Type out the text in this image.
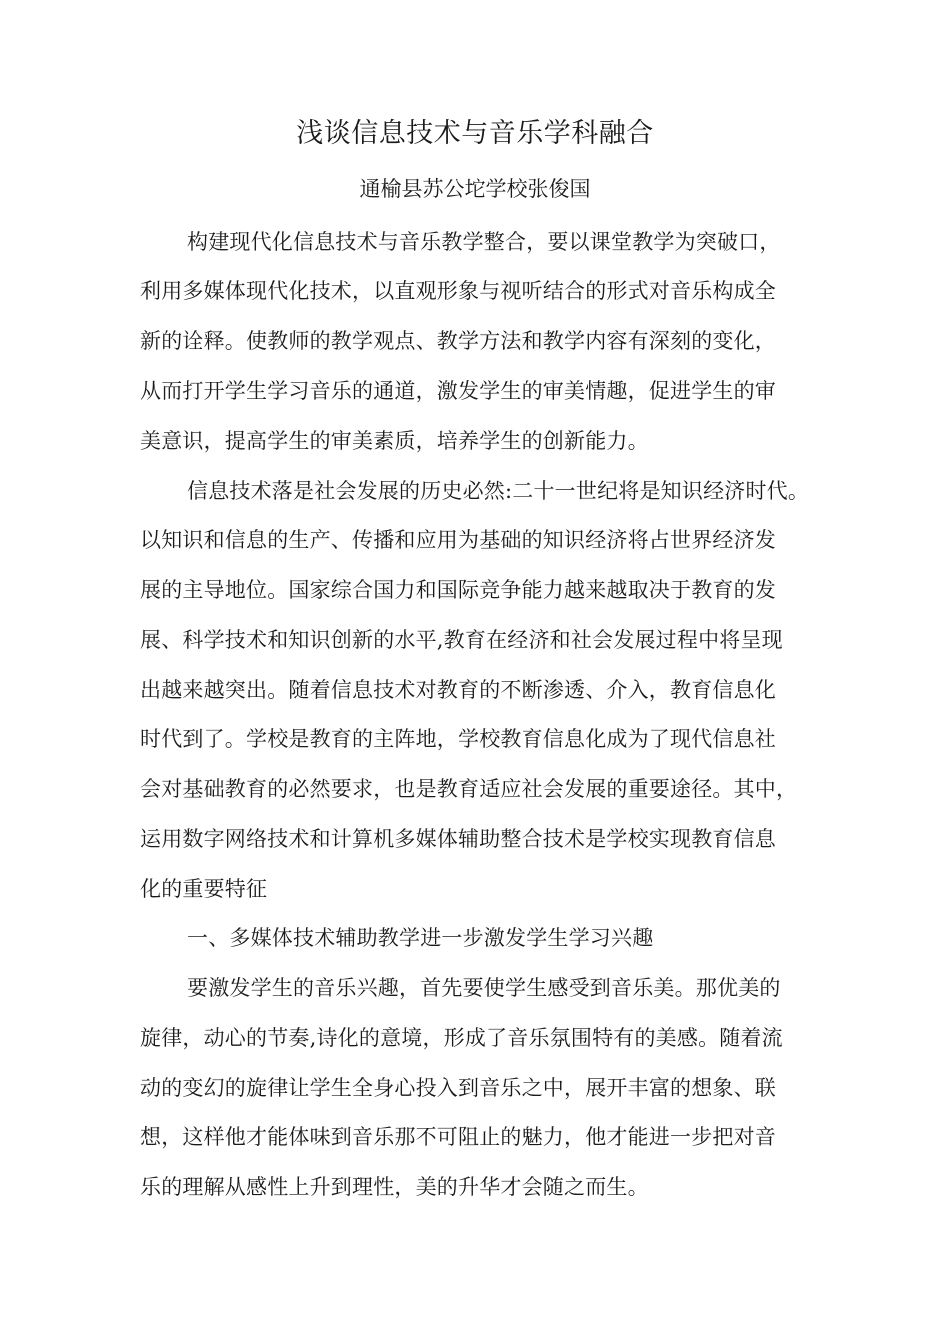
浅谈信息技术与音乐学科融合
通榆县苏公坨学校张俊国
构建现代化信息技术与音乐教学整合，要以课堂教学为突破口，
利用多媒体现代化技术，以直观形象与视听结合的形式对音乐构成全
新的诠释。使教师的教学观点、教学方法和教学内容有深刻的变化，
从而打开学生学习音乐的通道，激发学生的审美情趣，促进学生的审
美意识，提高学生的审美素质，培养学生的创新能力。
信息技术落是社会发展的历史必然:二十一世纪将是知识经济时代。
以知识和信息的生产、传播和应用为基础的知识经济将占世界经济发
展的主导地位。国家综合国力和国际竞争能力越来越取决于教育的发
展、科学技术和知识创新的水平,教育在经济和社会发展过程中将呈现
出越来越突出。随着信息技术对教育的不断渗透、介入，教育信息化
时代到了。学校是教育的主阵地，学校教育信息化成为了现代信息社
会对基础教育的必然要求，也是教育适应社会发展的重要途径。其中，
运用数字网络技术和计算机多媒体辅助整合技术是学校实现教育信息
化的重要特征
一、多媒体技术辅助教学进一步激发学生学习兴趣
要激发学生的音乐兴趣，首先要使学生感受到音乐美。那优美的
旋律，动心的节奏,诗化的意境，形成了音乐氛围特有的美感。随着流
动的变幻的旋律让学生全身心投入到音乐之中，展开丰富的想象、联
想，这样他才能体味到音乐那不可阻止的魅力，他才能进一步把对音
乐的理解从感性上升到理性，美的升华才会随之而生。
